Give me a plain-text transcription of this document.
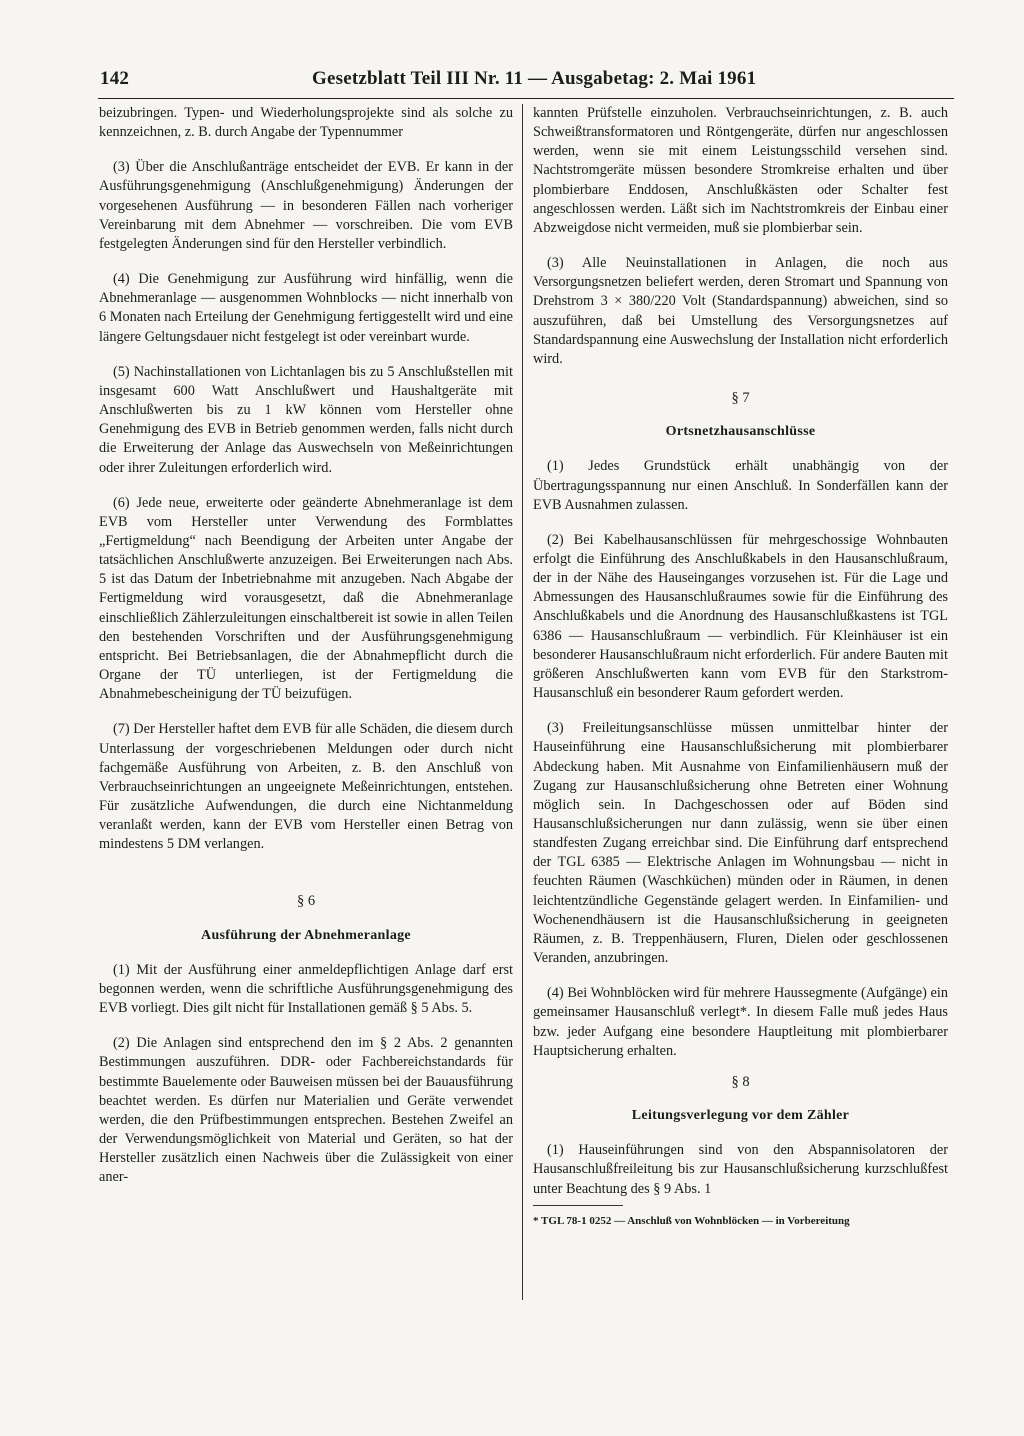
142	Gesetzblatt Teil III Nr. 11 — Ausgabetag: 2. Mai 1961

beizubringen. Typen- und Wiederholungsprojekte sind als solche zu kennzeichnen, z. B. durch Angabe der Typennummer

(3) Über die Anschlußanträge entscheidet der EVB. Er kann in der Ausführungsgenehmigung (Anschlußgenehmigung) Änderungen der vorgesehenen Ausführung — in besonderen Fällen nach vorheriger Vereinbarung mit dem Abnehmer — vorschreiben. Die vom EVB festgelegten Änderungen sind für den Hersteller verbindlich.

(4) Die Genehmigung zur Ausführung wird hinfällig, wenn die Abnehmeranlage — ausgenommen Wohnblocks — nicht innerhalb von 6 Monaten nach Erteilung der Genehmigung fertiggestellt wird und eine längere Geltungsdauer nicht festgelegt ist oder vereinbart wurde.

(5) Nachinstallationen von Lichtanlagen bis zu 5 Anschlußstellen mit insgesamt 600 Watt Anschlußwert und Haushaltgeräte mit Anschlußwerten bis zu 1 kW können vom Hersteller ohne Genehmigung des EVB in Betrieb genommen werden, falls nicht durch die Erweiterung der Anlage das Auswechseln von Meßeinrichtungen oder ihrer Zuleitungen erforderlich wird.

(6) Jede neue, erweiterte oder geänderte Abnehmeranlage ist dem EVB vom Hersteller unter Verwendung des Formblattes „Fertigmeldung“ nach Beendigung der Arbeiten unter Angabe der tatsächlichen Anschlußwerte anzuzeigen. Bei Erweiterungen nach Abs. 5 ist das Datum der Inbetriebnahme mit anzugeben. Nach Abgabe der Fertigmeldung wird vorausgesetzt, daß die Abnehmeranlage einschließlich Zählerzuleitungen einschaltbereit ist sowie in allen Teilen den bestehenden Vorschriften und der Ausführungsgenehmigung entspricht. Bei Betriebsanlagen, die der Abnahmepflicht durch die Organe der TÜ unterliegen, ist der Fertigmeldung die Abnahmebescheinigung der TÜ beizufügen.

(7) Der Hersteller haftet dem EVB für alle Schäden, die diesem durch Unterlassung der vorgeschriebenen Meldungen oder durch nicht fachgemäße Ausführung von Arbeiten, z. B. den Anschluß von Verbrauchseinrichtungen an ungeeignete Meßeinrichtungen, entstehen. Für zusätzliche Aufwendungen, die durch eine Nichtanmeldung veranlaßt werden, kann der EVB vom Hersteller einen Betrag von mindestens 5 DM verlangen.

§ 6
Ausführung der Abnehmeranlage

(1) Mit der Ausführung einer anmeldepflichtigen Anlage darf erst begonnen werden, wenn die schriftliche Ausführungsgenehmigung des EVB vorliegt. Dies gilt nicht für Installationen gemäß § 5 Abs. 5.

(2) Die Anlagen sind entsprechend den im § 2 Abs. 2 genannten Bestimmungen auszuführen. DDR- oder Fachbereichstandards für bestimmte Bauelemente oder Bauweisen müssen bei der Bauausführung beachtet werden. Es dürfen nur Materialien und Geräte verwendet werden, die den Prüfbestimmungen entsprechen. Bestehen Zweifel an der Verwendungsmöglichkeit von Material und Geräten, so hat der Hersteller zusätzlich einen Nachweis über die Zulässigkeit von einer aner-

kannten Prüfstelle einzuholen. Verbrauchseinrichtungen, z. B. auch Schweißtransformatoren und Röntgengeräte, dürfen nur angeschlossen werden, wenn sie mit einem Leistungsschild versehen sind. Nachtstromgeräte müssen besondere Stromkreise erhalten und über plombierbare Enddosen, Anschlußkästen oder Schalter fest angeschlossen werden. Läßt sich im Nachtstromkreis der Einbau einer Abzweigdose nicht vermeiden, muß sie plombierbar sein.

(3) Alle Neuinstallationen in Anlagen, die noch aus Versorgungsnetzen beliefert werden, deren Stromart und Spannung von Drehstrom 3 × 380/220 Volt (Standardspannung) abweichen, sind so auszuführen, daß bei Umstellung des Versorgungsnetzes auf Standardspannung eine Auswechslung der Installation nicht erforderlich wird.

§ 7
Ortsnetzhausanschlüsse

(1) Jedes Grundstück erhält unabhängig von der Übertragungsspannung nur einen Anschluß. In Sonderfällen kann der EVB Ausnahmen zulassen.

(2) Bei Kabelhausanschlüssen für mehrgeschossige Wohnbauten erfolgt die Einführung des Anschlußkabels in den Hausanschlußraum, der in der Nähe des Hauseinganges vorzusehen ist. Für die Lage und Abmessungen des Hausanschlußraumes sowie für die Einführung des Anschlußkabels und die Anordnung des Hausanschlußkastens ist TGL 6386 — Hausanschlußraum — verbindlich. Für Kleinhäuser ist ein besonderer Hausanschlußraum nicht erforderlich. Für andere Bauten mit größeren Anschlußwerten kann vom EVB für den Starkstrom-Hausanschluß ein besonderer Raum gefordert werden.

(3) Freileitungsanschlüsse müssen unmittelbar hinter der Hauseinführung eine Hausanschlußsicherung mit plombierbarer Abdeckung haben. Mit Ausnahme von Einfamilienhäusern muß der Zugang zur Hausanschlußsicherung ohne Betreten einer Wohnung möglich sein. In Dachgeschossen oder auf Böden sind Hausanschlußsicherungen nur dann zulässig, wenn sie über einen standfesten Zugang erreichbar sind. Die Einführung darf entsprechend der TGL 6385 — Elektrische Anlagen im Wohnungsbau — nicht in feuchten Räumen (Waschküchen) münden oder in Räumen, in denen leichtentzündliche Gegenstände gelagert werden. In Einfamilien- und Wochenendhäusern ist die Hausanschlußsicherung in geeigneten Räumen, z. B. Treppenhäusern, Fluren, Dielen oder geschlossenen Veranden, anzubringen.

(4) Bei Wohnblöcken wird für mehrere Haussegmente (Aufgänge) ein gemeinsamer Hausanschluß verlegt*. In diesem Falle muß jedes Haus bzw. jeder Aufgang eine besondere Hauptleitung mit plombierbarer Hauptsicherung erhalten.

§ 8
Leitungsverlegung vor dem Zähler

(1) Hauseinführungen sind von den Abspannisolatoren der Hausanschlußfreileitung bis zur Hausanschlußsicherung kurzschlußfest unter Beachtung des § 9 Abs. 1

* TGL 78-1 0252 — Anschluß von Wohnblöcken — in Vorbereitung
